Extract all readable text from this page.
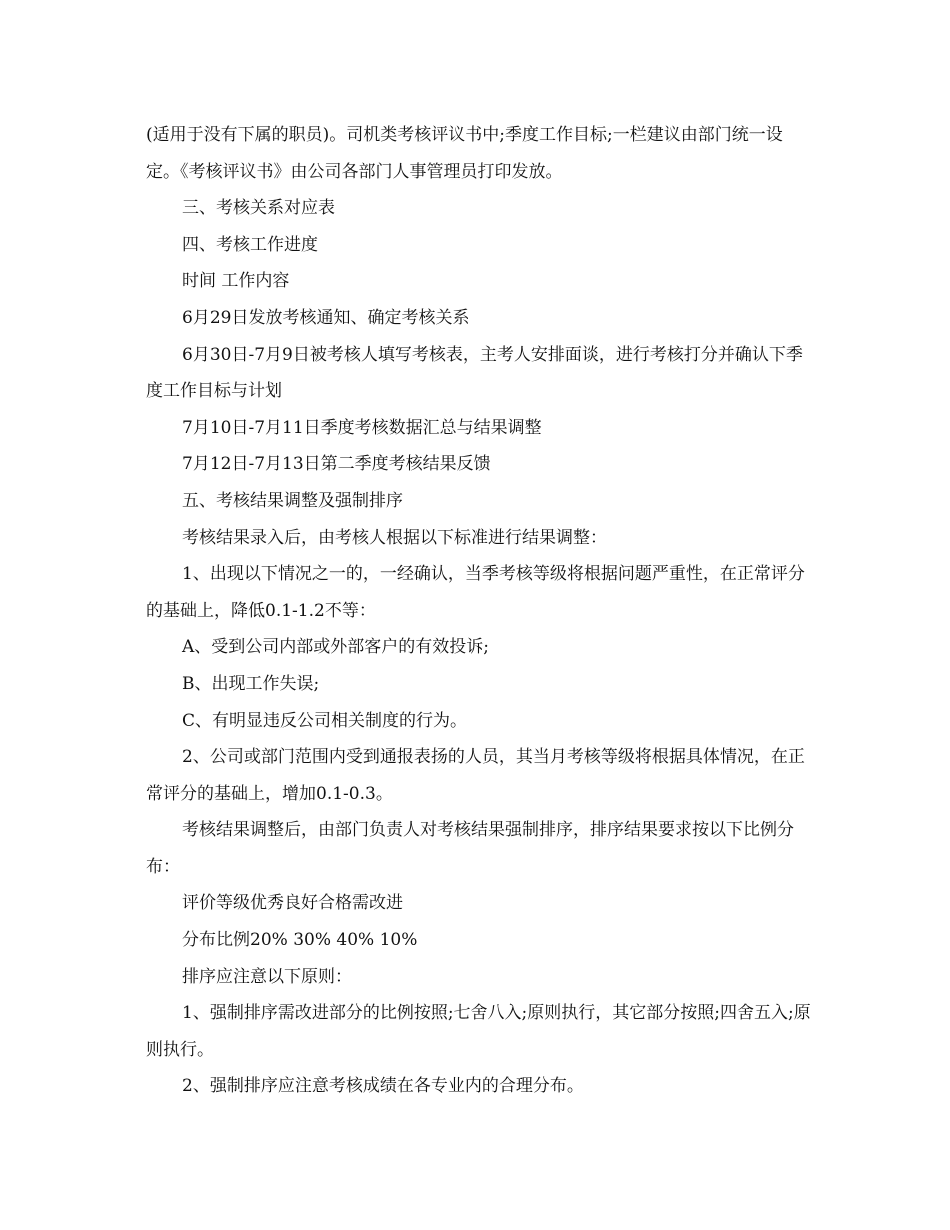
(适用于没有下属的职员)。司机类考核评议书中;季度工作目标;一栏建议由部门统一设定。《考核评议书》由公司各部门人事管理员打印发放。

三、考核关系对应表

四、考核工作进度

时间 工作内容

6月29日发放考核通知、确定考核关系

6月30日-7月9日被考核人填写考核表，主考人安排面谈，进行考核打分并确认下季度工作目标与计划

7月10日-7月11日季度考核数据汇总与结果调整

7月12日-7月13日第二季度考核结果反馈

五、考核结果调整及强制排序

考核结果录入后，由考核人根据以下标准进行结果调整：

1、出现以下情况之一的，一经确认，当季考核等级将根据问题严重性，在正常评分的基础上，降低0.1-1.2不等：

A、受到公司内部或外部客户的有效投诉;

B、出现工作失误;

C、有明显违反公司相关制度的行为。

2、公司或部门范围内受到通报表扬的人员，其当月考核等级将根据具体情况，在正常评分的基础上，增加0.1-0.3。

考核结果调整后，由部门负责人对考核结果强制排序，排序结果要求按以下比例分布：

评价等级优秀良好合格需改进

分布比例20% 30% 40% 10%

排序应注意以下原则：

1、强制排序需改进部分的比例按照;七舍八入;原则执行，其它部分按照;四舍五入;原则执行。

2、强制排序应注意考核成绩在各专业内的合理分布。
